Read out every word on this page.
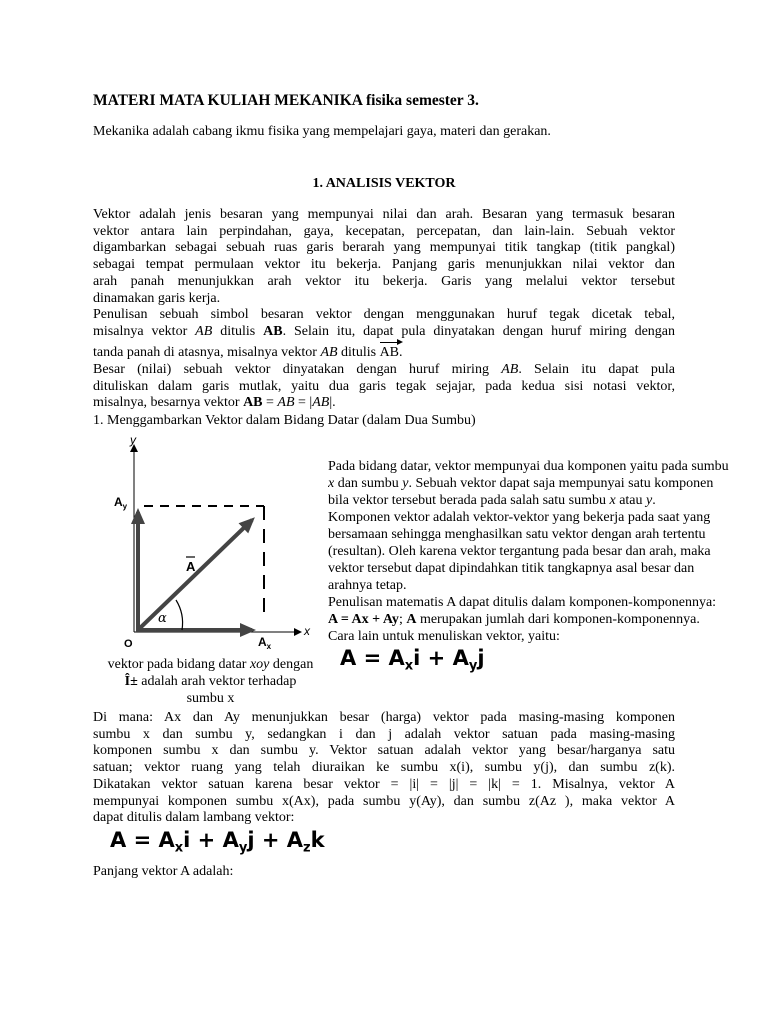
MATERI MATA KULIAH MEKANIKA fisika semester 3.
Mekanika adalah cabang ikmu fisika yang mempelajari gaya, materi dan gerakan.
1. ANALISIS VEKTOR
Vektor adalah jenis besaran yang mempunyai nilai dan arah. Besaran yang termasuk besaran
vektor antara lain perpindahan, gaya, kecepatan, percepatan, dan lain-lain. Sebuah vektor
digambarkan sebagai sebuah ruas garis berarah yang mempunyai titik tangkap (titik pangkal)
sebagai tempat permulaan vektor itu bekerja. Panjang garis menunjukkan nilai vektor dan
arah panah menunjukkan arah vektor itu bekerja. Garis yang melalui vektor tersebut
dinamakan garis kerja.
Penulisan sebuah simbol besaran vektor dengan menggunakan huruf tegak dicetak tebal,
misalnya vektor AB ditulis AB. Selain itu, dapat pula dinyatakan dengan huruf miring dengan
tanda panah di atasnya, misalnya vektor AB ditulis AB.
Besar (nilai) sebuah vektor dinyatakan dengan huruf miring AB. Selain itu dapat pula
dituliskan dalam garis mutlak, yaitu dua garis tegak sejajar, pada kedua sisi notasi vektor,
misalnya, besarnya vektor AB = AB = |AB|.
1. Menggambarkan Vektor dalam Bidang Datar (dalam Dua Sumbu)
y
x
O
$A_y$
$A_x$
A
α
Pada bidang datar, vektor mempunyai dua komponen yaitu pada sumbu
x dan sumbu y. Sebuah vektor dapat saja mempunyai satu komponen
bila vektor tersebut berada pada salah satu sumbu x atau y.
Komponen vektor adalah vektor-vektor yang bekerja pada saat yang
bersamaan sehingga menghasilkan satu vektor dengan arah tertentu
(resultan). Oleh karena vektor tergantung pada besar dan arah, maka
vektor tersebut dapat dipindahkan titik tangkapnya asal besar dan
arahnya tetap.
Penulisan matematis A dapat ditulis dalam komponen-komponennya:
A = Ax + Ay; A merupakan jumlah dari komponen-komponennya.
Cara lain untuk menuliskan vektor, yaitu:
vektor pada bidang datar xoy dengan
Î± adalah arah vektor terhadap
sumbu x
$A = A_xi + A_yj$
Di mana: Ax dan Ay menunjukkan besar (harga) vektor pada masing-masing komponen
sumbu x dan sumbu y, sedangkan i dan j adalah vektor satuan pada masing-masing
komponen sumbu x dan sumbu y. Vektor satuan adalah vektor yang besar/harganya satu
satuan; vektor ruang yang telah diuraikan ke sumbu x(i), sumbu y(j), dan sumbu z(k).
Dikatakan vektor satuan karena besar vektor = |i| = |j| = |k| = 1. Misalnya, vektor A
mempunyai komponen sumbu x(Ax), pada sumbu y(Ay), dan sumbu z(Az ), maka vektor A
dapat ditulis dalam lambang vektor:
$A = A_xi + A_yj + A_zk$
Panjang vektor A adalah:
